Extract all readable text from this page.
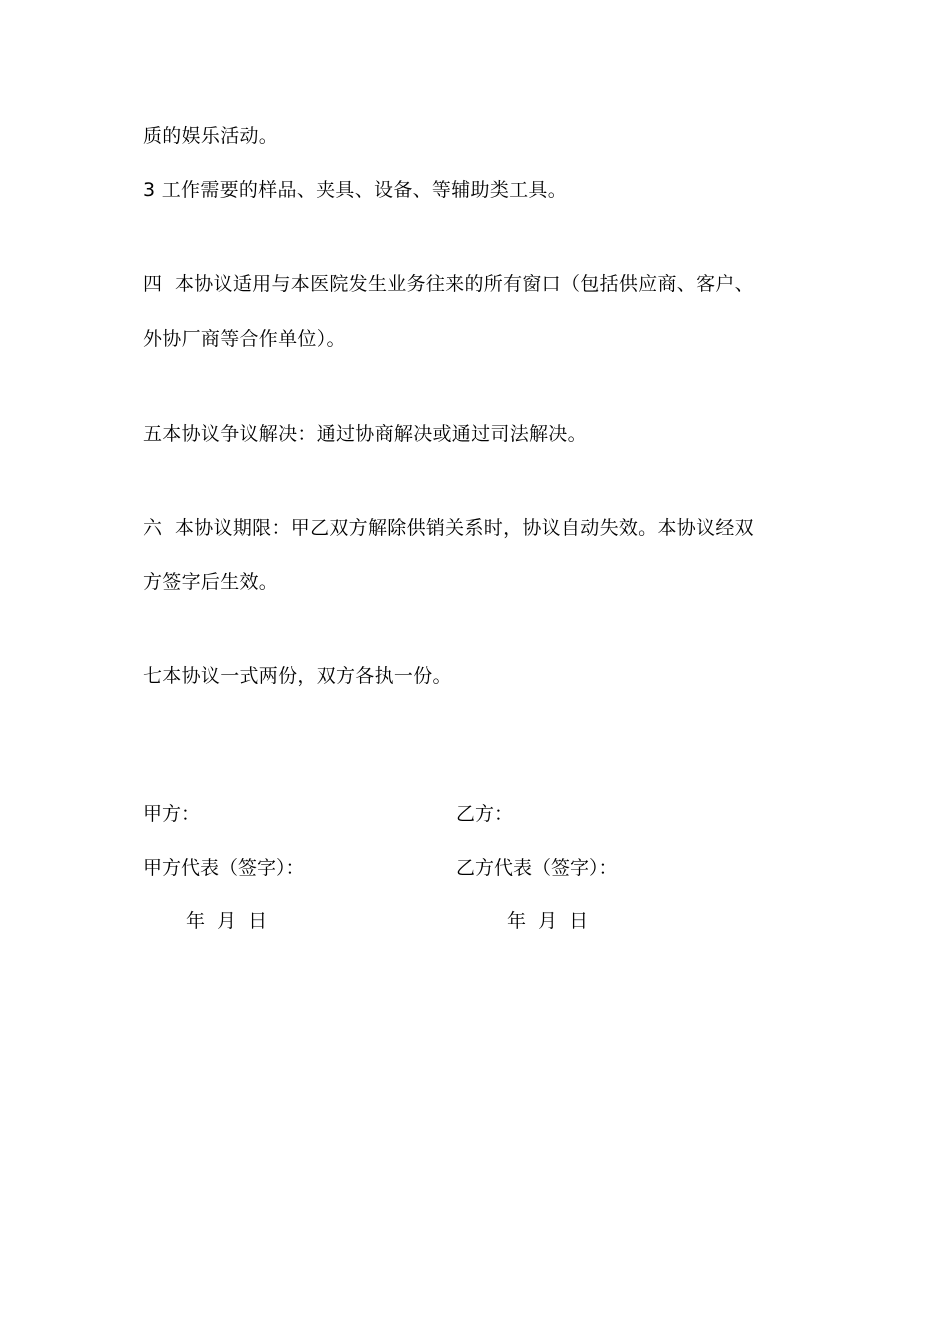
质的娱乐活动。
3 工作需要的样品、夹具、设备、等辅助类工具。
四  本协议适用与本医院发生业务往来的所有窗口（包括供应商、客户、
外协厂商等合作单位）。
五本协议争议解决：通过协商解决或通过司法解决。
六  本协议期限：甲乙双方解除供销关系时，协议自动失效。本协议经双
方签字后生效。
七本协议一式两份，双方各执一份。
甲方：	乙方：
甲方代表（签字）：	乙方代表（签字）：
年  月  日	年  月  日
